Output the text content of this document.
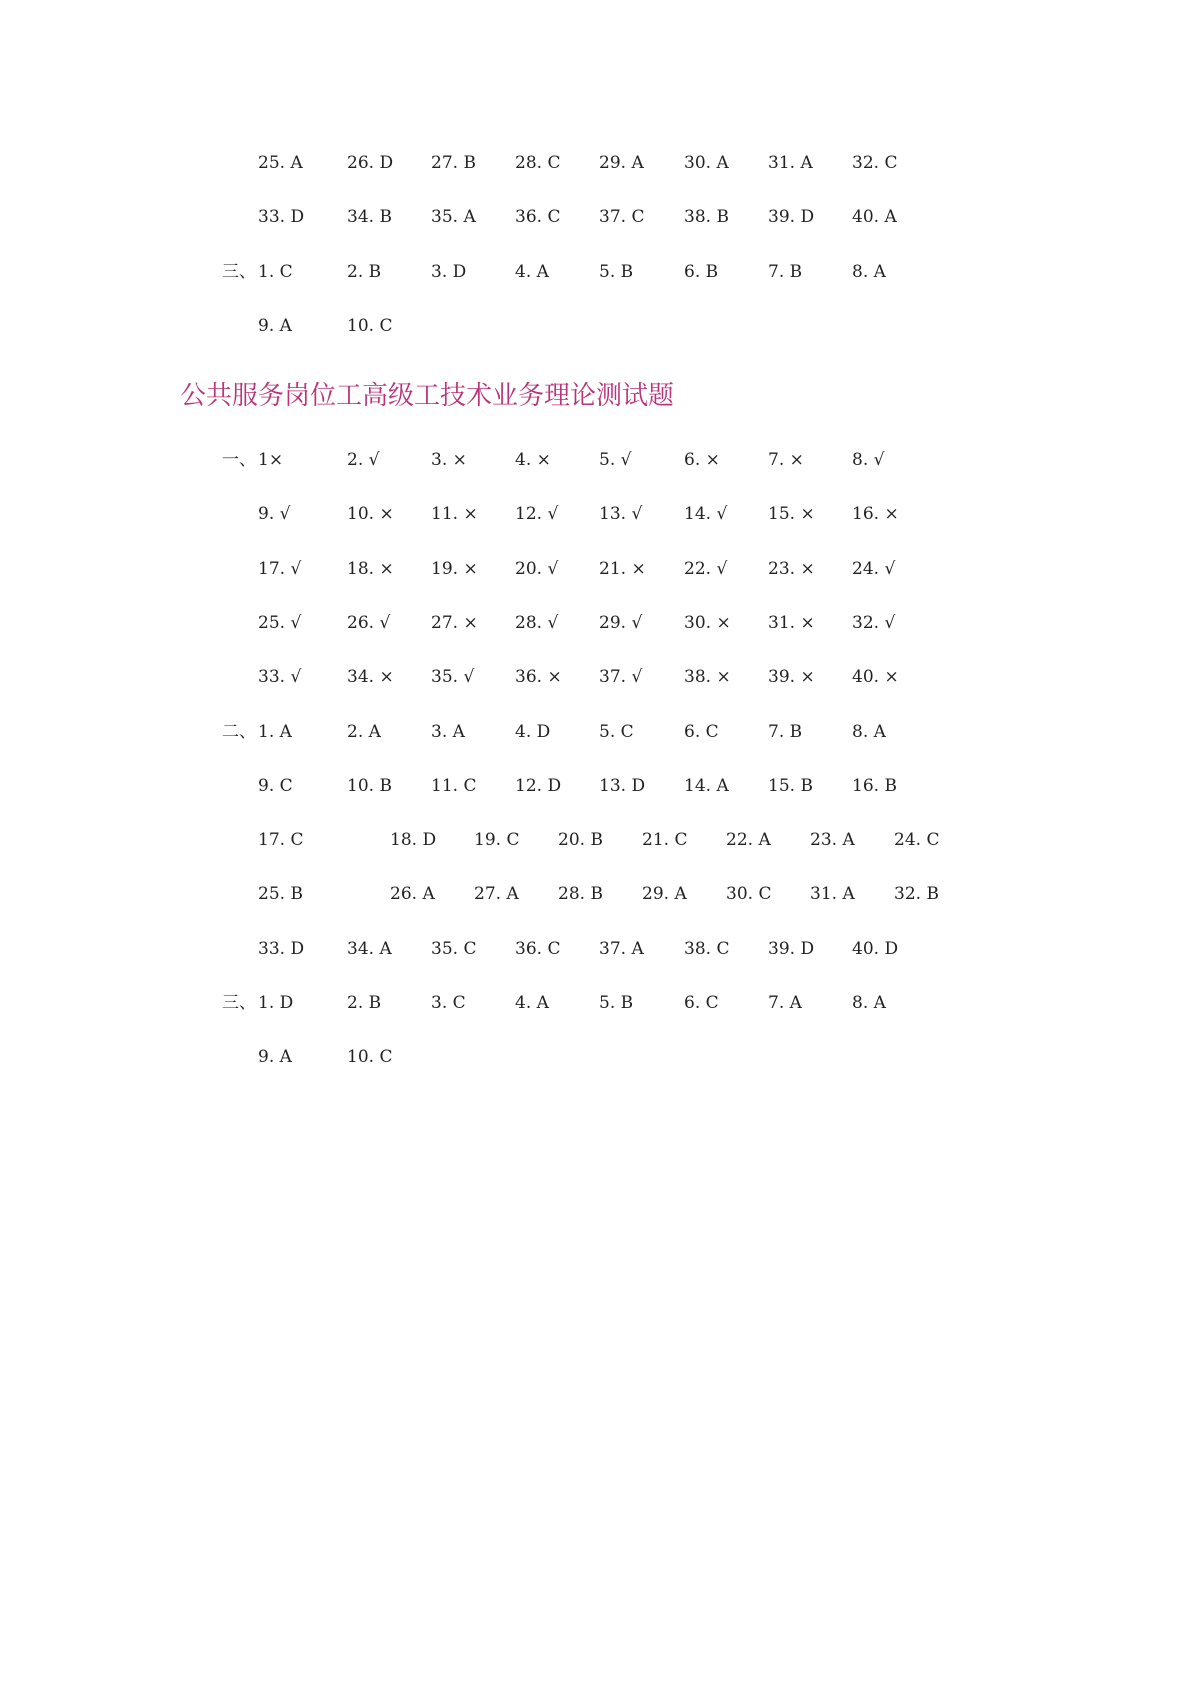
25. A	26. D 27. B 28. C 29. A 30. A 31. A 32. C
33. D	34. B 35. A 36. C 37. C 38. B 39. D 40. A
三、 1. C	2. B	3. D	4. A	5. B	6. B	7. B	8. A
9. A	10. C
公共服务岗位工高级工技术业务理论测试题
一、 1×	2. √	3. ×	4. ×	5. √	6. ×	7. ×	8. √
9. √	10. × 11. × 12. √ 13. √ 14. √ 15. × 16. ×
17. √	18. × 19. × 20. √ 21. × 22. √ 23. × 24. √
25. √	26. √ 27. × 28. √ 29. √ 30. × 31. × 32. √
33. √	34. × 35. √ 36. × 37. √ 38. × 39. × 40. ×
二、 1. A	2. A	3. A	4. D	5. C	6. C	7. B	8. A
9. C	10. B 11. C 12. D 13. D 14. A 15. B 16. B
17. C	18. D 19. C 20. B 21. C 22. A 23. A 24. C
25. B	26. A 27. A 28. B 29. A 30. C 31. A 32. B
33. D	34. A 35. C 36. C 37. A 38. C 39. D 40. D
三、 1. D	2. B	3. C	4. A	5. B	6. C	7. A	8. A
9. A	10. C
